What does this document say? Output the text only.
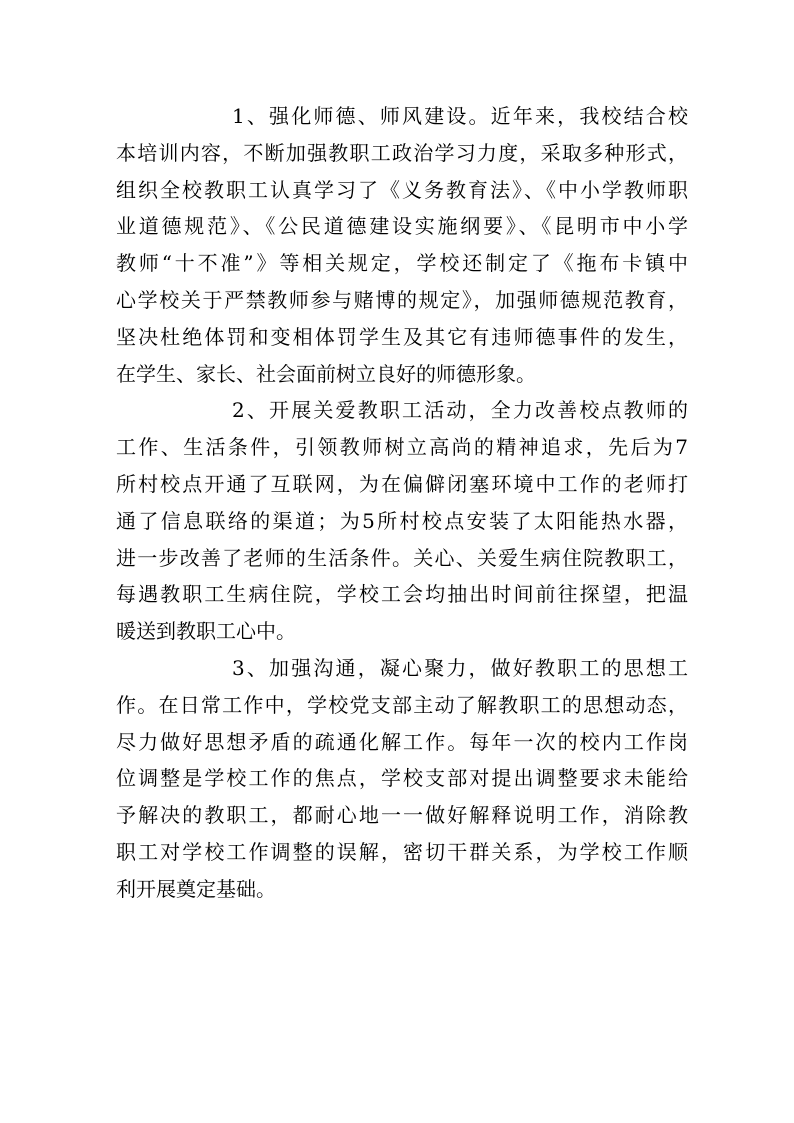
1、强化师德、师风建设。近年来，我校结合校
本培训内容，不断加强教职工政治学习力度，采取多种形式，
组织全校教职工认真学习了《义务教育法》、《中小学教师职
业道德规范》、《公民道德建设实施纲要》、《昆明市中小学
教师“十不准”》等相关规定，学校还制定了《拖布卡镇中
心学校关于严禁教师参与赌博的规定》，加强师德规范教育，
坚决杜绝体罚和变相体罚学生及其它有违师德事件的发生，
在学生、家长、社会面前树立良好的师德形象。
2、开展关爱教职工活动，全力改善校点教师的
工作、生活条件，引领教师树立高尚的精神追求，先后为7
所村校点开通了互联网，为在偏僻闭塞环境中工作的老师打
通了信息联络的渠道；为5所村校点安装了太阳能热水器，
进一步改善了老师的生活条件。关心、关爱生病住院教职工，
每遇教职工生病住院，学校工会均抽出时间前往探望，把温
暖送到教职工心中。
3、加强沟通，凝心聚力，做好教职工的思想工
作。在日常工作中，学校党支部主动了解教职工的思想动态，
尽力做好思想矛盾的疏通化解工作。每年一次的校内工作岗
位调整是学校工作的焦点，学校支部对提出调整要求未能给
予解决的教职工，都耐心地一一做好解释说明工作，消除教
职工对学校工作调整的误解，密切干群关系，为学校工作顺
利开展奠定基础。
